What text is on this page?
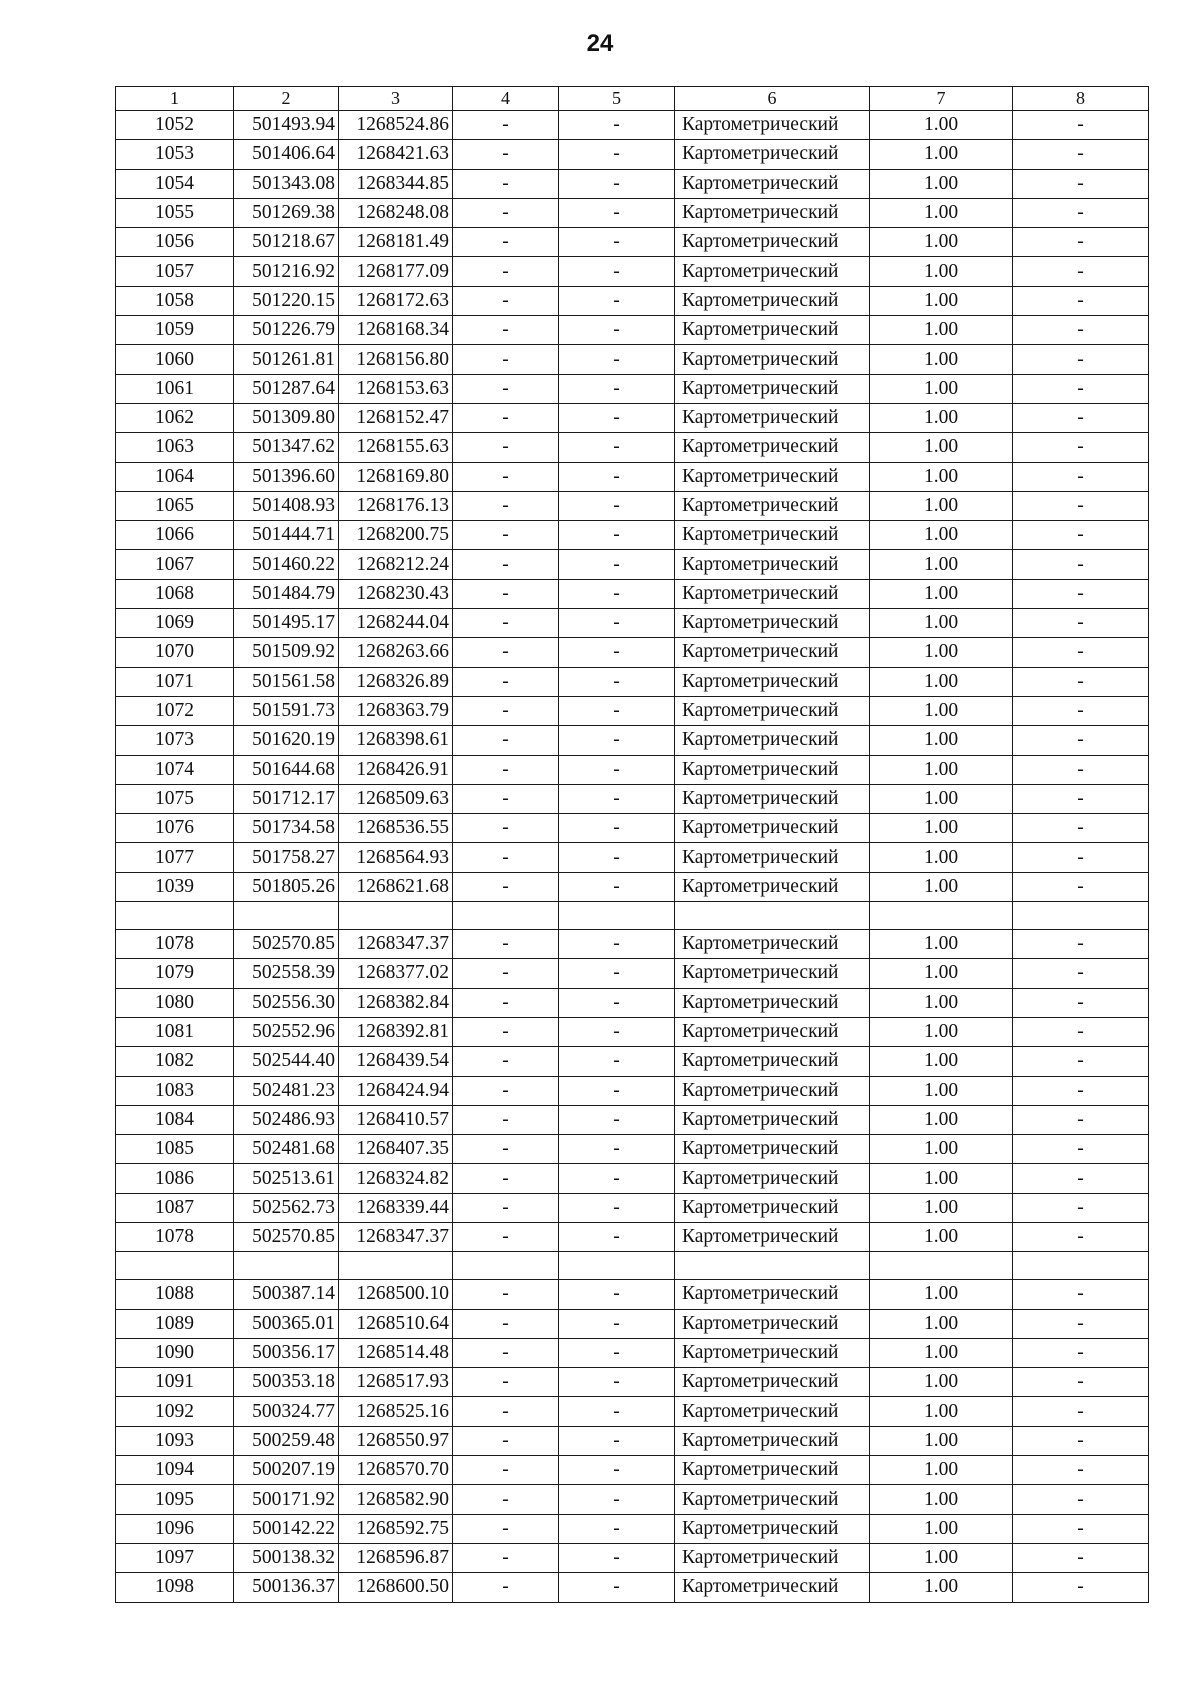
24
1	2	3	4	5	6	7	8
1052	501493.94	1268524.86	-	-	Картометрический	1.00	-
1053	501406.64	1268421.63	-	-	Картометрический	1.00	-
1054	501343.08	1268344.85	-	-	Картометрический	1.00	-
1055	501269.38	1268248.08	-	-	Картометрический	1.00	-
1056	501218.67	1268181.49	-	-	Картометрический	1.00	-
1057	501216.92	1268177.09	-	-	Картометрический	1.00	-
1058	501220.15	1268172.63	-	-	Картометрический	1.00	-
1059	501226.79	1268168.34	-	-	Картометрический	1.00	-
1060	501261.81	1268156.80	-	-	Картометрический	1.00	-
1061	501287.64	1268153.63	-	-	Картометрический	1.00	-
1062	501309.80	1268152.47	-	-	Картометрический	1.00	-
1063	501347.62	1268155.63	-	-	Картометрический	1.00	-
1064	501396.60	1268169.80	-	-	Картометрический	1.00	-
1065	501408.93	1268176.13	-	-	Картометрический	1.00	-
1066	501444.71	1268200.75	-	-	Картометрический	1.00	-
1067	501460.22	1268212.24	-	-	Картометрический	1.00	-
1068	501484.79	1268230.43	-	-	Картометрический	1.00	-
1069	501495.17	1268244.04	-	-	Картометрический	1.00	-
1070	501509.92	1268263.66	-	-	Картометрический	1.00	-
1071	501561.58	1268326.89	-	-	Картометрический	1.00	-
1072	501591.73	1268363.79	-	-	Картометрический	1.00	-
1073	501620.19	1268398.61	-	-	Картометрический	1.00	-
1074	501644.68	1268426.91	-	-	Картометрический	1.00	-
1075	501712.17	1268509.63	-	-	Картометрический	1.00	-
1076	501734.58	1268536.55	-	-	Картометрический	1.00	-
1077	501758.27	1268564.93	-	-	Картометрический	1.00	-
1039	501805.26	1268621.68	-	-	Картометрический	1.00	-

1078	502570.85	1268347.37	-	-	Картометрический	1.00	-
1079	502558.39	1268377.02	-	-	Картометрический	1.00	-
1080	502556.30	1268382.84	-	-	Картометрический	1.00	-
1081	502552.96	1268392.81	-	-	Картометрический	1.00	-
1082	502544.40	1268439.54	-	-	Картометрический	1.00	-
1083	502481.23	1268424.94	-	-	Картометрический	1.00	-
1084	502486.93	1268410.57	-	-	Картометрический	1.00	-
1085	502481.68	1268407.35	-	-	Картометрический	1.00	-
1086	502513.61	1268324.82	-	-	Картометрический	1.00	-
1087	502562.73	1268339.44	-	-	Картометрический	1.00	-
1078	502570.85	1268347.37	-	-	Картометрический	1.00	-

1088	500387.14	1268500.10	-	-	Картометрический	1.00	-
1089	500365.01	1268510.64	-	-	Картометрический	1.00	-
1090	500356.17	1268514.48	-	-	Картометрический	1.00	-
1091	500353.18	1268517.93	-	-	Картометрический	1.00	-
1092	500324.77	1268525.16	-	-	Картометрический	1.00	-
1093	500259.48	1268550.97	-	-	Картометрический	1.00	-
1094	500207.19	1268570.70	-	-	Картометрический	1.00	-
1095	500171.92	1268582.90	-	-	Картометрический	1.00	-
1096	500142.22	1268592.75	-	-	Картометрический	1.00	-
1097	500138.32	1268596.87	-	-	Картометрический	1.00	-
1098	500136.37	1268600.50	-	-	Картометрический	1.00	-
